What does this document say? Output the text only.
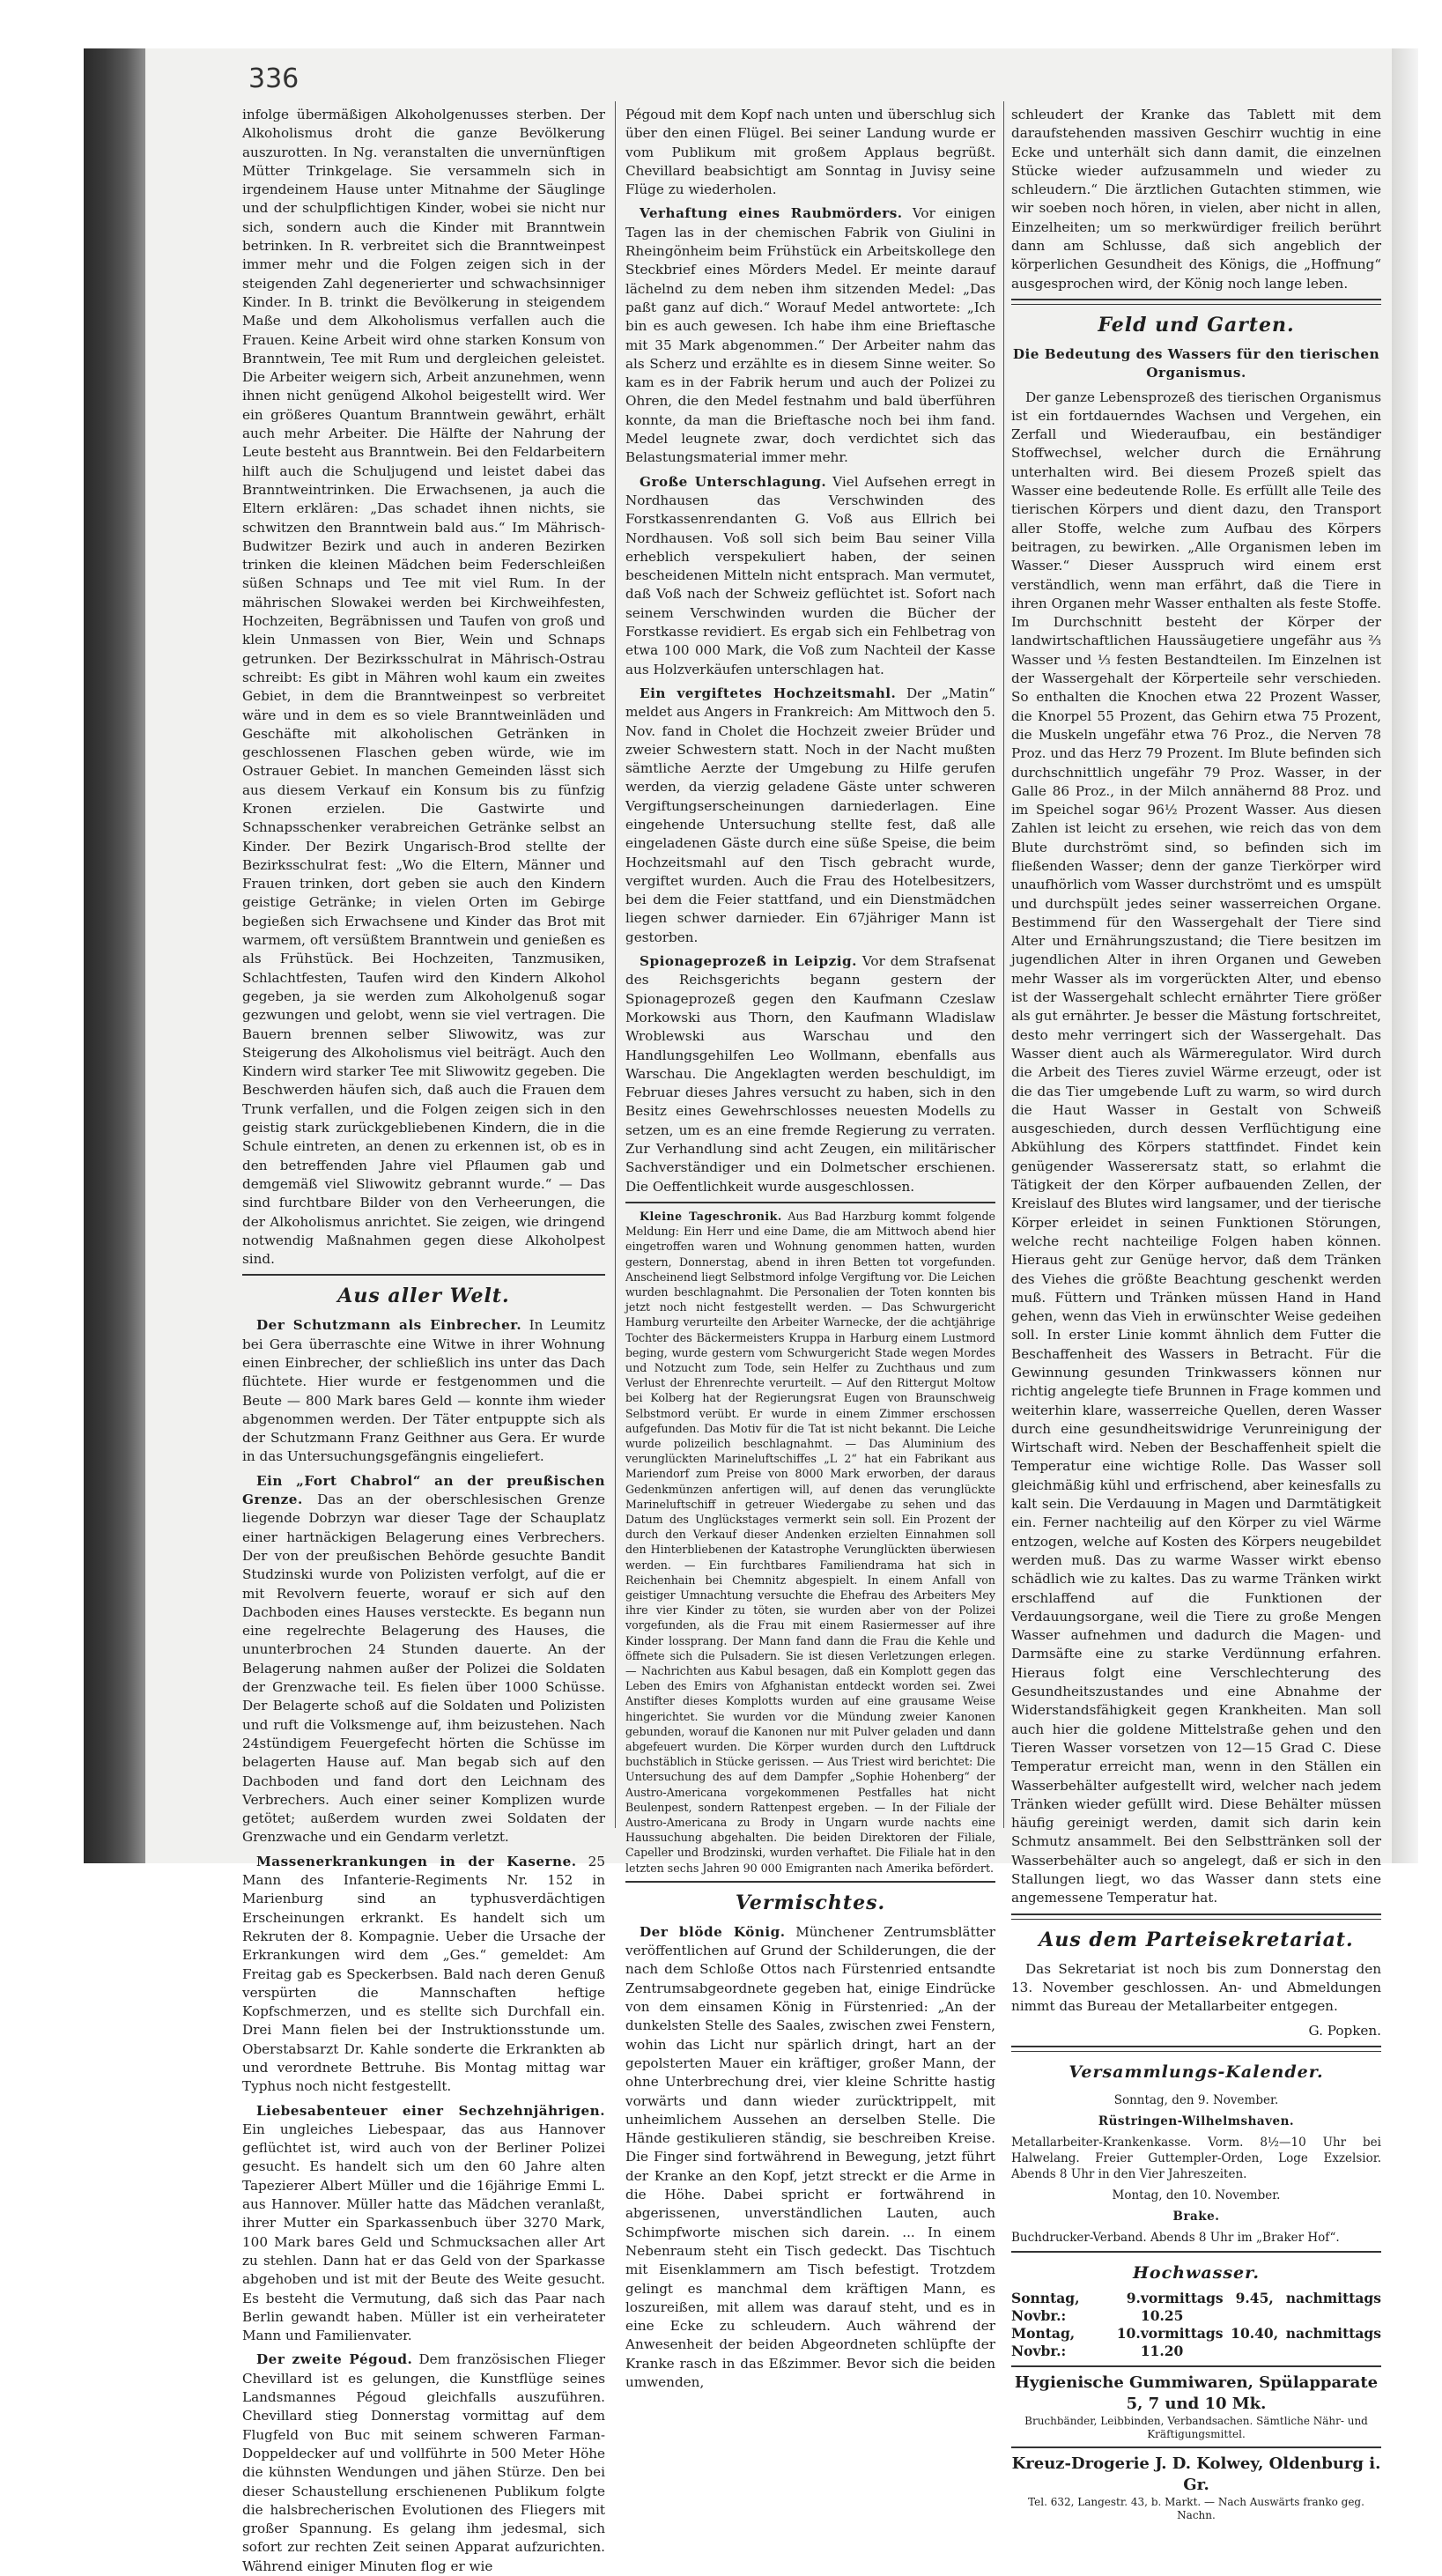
336

infolge übermäßigen Alkoholgenusses sterben. Der Alkoholismus droht die ganze Bevölkerung auszurotten. In Ng. veranstalten die unvernünftigen Mütter Trinkgelage. Sie versammeln sich in irgendeinem Hause unter Mitnahme der Säuglinge und der schulpflichtigen Kinder, wobei sie nicht nur sich, sondern auch die Kinder mit Branntwein betrinken. In R. verbreitet sich die Branntweinpest immer mehr und die Folgen zeigen sich in der steigenden Zahl degenerierter und schwachsinniger Kinder. In B. trinkt die Bevölkerung in steigendem Maße und dem Alkoholismus verfallen auch die Frauen. Keine Arbeit wird ohne starken Konsum von Branntwein, Tee mit Rum und dergleichen geleistet. Die Arbeiter weigern sich, Arbeit anzunehmen, wenn ihnen nicht genügend Alkohol beigestellt wird. Wer ein größeres Quantum Branntwein gewährt, erhält auch mehr Arbeiter. Die Hälfte der Nahrung der Leute besteht aus Branntwein. Bei den Feldarbeitern hilft auch die Schuljugend und leistet dabei das Branntweintrinken. Die Erwachsenen, ja auch die Eltern erklären: „Das schadet ihnen nichts, sie schwitzen den Branntwein bald aus.“ Im Mährisch-Budwitzer Bezirk und auch in anderen Bezirken trinken die kleinen Mädchen beim Federschleißen süßen Schnaps und Tee mit viel Rum. In der mährischen Slowakei werden bei Kirchweihfesten, Hochzeiten, Begräbnissen und Taufen von groß und klein Unmassen von Bier, Wein und Schnaps getrunken. Der Bezirksschulrat in Mährisch-Ostrau schreibt: Es gibt in Mähren wohl kaum ein zweites Gebiet, in dem die Branntweinpest so verbreitet wäre und in dem es so viele Branntweinläden und Geschäfte mit alkoholischen Getränken in geschlossenen Flaschen geben würde, wie im Ostrauer Gebiet. In manchen Gemeinden lässt sich aus diesem Verkauf ein Konsum bis zu fünfzig Kronen erzielen. Die Gastwirte und Schnapsschenker verabreichen Getränke selbst an Kinder. Der Bezirk Ungarisch-Brod stellte der Bezirksschulrat fest: „Wo die Eltern, Männer und Frauen trinken, dort geben sie auch den Kindern geistige Getränke; in vielen Orten im Gebirge begießen sich Erwachsene und Kinder das Brot mit warmem, oft versüßtem Branntwein und genießen es als Frühstück. Bei Hochzeiten, Tanzmusiken, Schlachtfesten, Taufen wird den Kindern Alkohol gegeben, ja sie werden zum Alkoholgenuß sogar gezwungen und gelobt, wenn sie viel vertragen. Die Bauern brennen selber Sliwowitz, was zur Steigerung des Alkoholismus viel beiträgt. Auch den Kindern wird starker Tee mit Sliwowitz gegeben. Die Beschwerden häufen sich, daß auch die Frauen dem Trunk verfallen, und die Folgen zeigen sich in den geistig stark zurückgebliebenen Kindern, die in die Schule eintreten, an denen zu erkennen ist, ob es in den betreffenden Jahre viel Pflaumen gab und demgemäß viel Sliwowitz gebrannt wurde.“ — Das sind furchtbare Bilder von den Verheerungen, die der Alkoholismus anrichtet. Sie zeigen, wie dringend notwendig Maßnahmen gegen diese Alkoholpest sind.

Aus aller Welt.

Der Schutzmann als Einbrecher. In Leumitz bei Gera überraschte eine Witwe in ihrer Wohnung einen Einbrecher, der schließlich ins unter das Dach flüchtete. Hier wurde er festgenommen und die Beute — 800 Mark bares Geld — konnte ihm wieder abgenommen werden. Der Täter entpuppte sich als der Schutzmann Franz Geithner aus Gera. Er wurde in das Untersuchungsgefängnis eingeliefert.

Ein „Fort Chabrol“ an der preußischen Grenze. Das an der oberschlesischen Grenze liegende Dobrzyn war dieser Tage der Schauplatz einer hartnäckigen Belagerung eines Verbrechers. Der von der preußischen Behörde gesuchte Bandit Studzinski wurde von Polizisten verfolgt, auf die er mit Revolvern feuerte, worauf er sich auf den Dachboden eines Hauses versteckte. Es begann nun eine regelrechte Belagerung des Hauses, die ununterbrochen 24 Stunden dauerte. An der Belagerung nahmen außer der Polizei die Soldaten der Grenzwache teil. Es fielen über 1000 Schüsse. Der Belagerte schoß auf die Soldaten und Polizisten und ruft die Volksmenge auf, ihm beizustehen. Nach 24stündigem Feuergefecht hörten die Schüsse im belagerten Hause auf. Man begab sich auf den Dachboden und fand dort den Leichnam des Verbrechers. Auch einer seiner Komplizen wurde getötet; außerdem wurden zwei Soldaten der Grenzwache und ein Gendarm verletzt.

Massenerkrankungen in der Kaserne. 25 Mann des Infanterie-Regiments Nr. 152 in Marienburg sind an typhusverdächtigen Erscheinungen erkrankt. Es handelt sich um Rekruten der 8. Kompagnie. Ueber die Ursache der Erkrankungen wird dem „Ges.“ gemeldet: Am Freitag gab es Speckerbsen. Bald nach deren Genuß verspürten die Mannschaften heftige Kopfschmerzen, und es stellte sich Durchfall ein. Drei Mann fielen bei der Instruktionsstunde um. Oberstabsarzt Dr. Kahle sonderte die Erkrankten ab und verordnete Bettruhe. Bis Montag mittag war Typhus noch nicht festgestellt.

Liebesabenteuer einer Sechzehnjährigen. Ein ungleiches Liebespaar, das aus Hannover geflüchtet ist, wird auch von der Berliner Polizei gesucht. Es handelt sich um den 60 Jahre alten Tapezierer Albert Müller und die 16jährige Emmi L. aus Hannover. Müller hatte das Mädchen veranlaßt, ihrer Mutter ein Sparkassenbuch über 3270 Mark, 100 Mark bares Geld und Schmucksachen aller Art zu stehlen. Dann hat er das Geld von der Sparkasse abgehoben und ist mit der Beute des Weite gesucht. Es besteht die Vermutung, daß sich das Paar nach Berlin gewandt haben. Müller ist ein verheirateter Mann und Familienvater.

Der zweite Pégoud. Dem französischen Flieger Chevillard ist es gelungen, die Kunstflüge seines Landsmannes Pégoud gleichfalls auszuführen. Chevillard stieg Donnerstag vormittag auf dem Flugfeld von Buc mit seinem schweren Farman-Doppeldecker auf und vollführte in 500 Meter Höhe die kühnsten Wendungen und jähen Stürze. Den bei dieser Schaustellung erschienenen Publikum folgte die halsbrecherischen Evolutionen des Fliegers mit großer Spannung. Es gelang ihm jedesmal, sich sofort zur rechten Zeit seinen Apparat aufzurichten. Während einiger Minuten flog er wie

Pégoud mit dem Kopf nach unten und überschlug sich über den einen Flügel. Bei seiner Landung wurde er vom Publikum mit großem Applaus begrüßt. Chevillard beabsichtigt am Sonntag in Juvisy seine Flüge zu wiederholen.

Verhaftung eines Raubmörders. Vor einigen Tagen las in der chemischen Fabrik von Giulini in Rheingönheim beim Frühstück ein Arbeitskollege den Steckbrief eines Mörders Medel. Er meinte darauf lächelnd zu dem neben ihm sitzenden Medel: „Das paßt ganz auf dich.“ Worauf Medel antwortete: „Ich bin es auch gewesen. Ich habe ihm eine Brieftasche mit 35 Mark abgenommen.“ Der Arbeiter nahm das als Scherz und erzählte es in diesem Sinne weiter. So kam es in der Fabrik herum und auch der Polizei zu Ohren, die den Medel festnahm und bald überführen konnte, da man die Brieftasche noch bei ihm fand. Medel leugnete zwar, doch verdichtet sich das Belastungsmaterial immer mehr.

Große Unterschlagung. Viel Aufsehen erregt in Nordhausen das Verschwinden des Forstkassenrendanten G. Voß aus Ellrich bei Nordhausen. Voß soll sich beim Bau seiner Villa erheblich verspekuliert haben, der seinen bescheidenen Mitteln nicht entsprach. Man vermutet, daß Voß nach der Schweiz geflüchtet ist. Sofort nach seinem Verschwinden wurden die Bücher der Forstkasse revidiert. Es ergab sich ein Fehlbetrag von etwa 100 000 Mark, die Voß zum Nachteil der Kasse aus Holzverkäufen unterschlagen hat.

Ein vergiftetes Hochzeitsmahl. Der „Matin“ meldet aus Angers in Frankreich: Am Mittwoch den 5. Nov. fand in Cholet die Hochzeit zweier Brüder und zweier Schwestern statt. Noch in der Nacht mußten sämtliche Aerzte der Umgebung zu Hilfe gerufen werden, da vierzig geladene Gäste unter schweren Vergiftungserscheinungen darniederlagen. Eine eingehende Untersuchung stellte fest, daß alle eingeladenen Gäste durch eine süße Speise, die beim Hochzeitsmahl auf den Tisch gebracht wurde, vergiftet wurden. Auch die Frau des Hotelbesitzers, bei dem die Feier stattfand, und ein Dienstmädchen liegen schwer darnieder. Ein 67jähriger Mann ist gestorben.

Spionageprozeß in Leipzig. Vor dem Strafsenat des Reichsgerichts begann gestern der Spionageprozeß gegen den Kaufmann Czeslaw Morkowski aus Thorn, den Kaufmann Wladislaw Wroblewski aus Warschau und den Handlungsgehilfen Leo Wollmann, ebenfalls aus Warschau. Die Angeklagten werden beschuldigt, im Februar dieses Jahres versucht zu haben, sich in den Besitz eines Gewehrschlosses neuesten Modells zu setzen, um es an eine fremde Regierung zu verraten. Zur Verhandlung sind acht Zeugen, ein militärischer Sachverständiger und ein Dolmetscher erschienen. Die Oeffentlichkeit wurde ausgeschlossen.

Kleine Tageschronik. Aus Bad Harzburg kommt folgende Meldung: Ein Herr und eine Dame, die am Mittwoch abend hier eingetroffen waren und Wohnung genommen hatten, wurden gestern, Donnerstag, abend in ihren Betten tot vorgefunden. Anscheinend liegt Selbstmord infolge Vergiftung vor. Die Leichen wurden beschlagnahmt. Die Personalien der Toten konnten bis jetzt noch nicht festgestellt werden. — Das Schwurgericht Hamburg verurteilte den Arbeiter Warnecke, der die achtjährige Tochter des Bäckermeisters Kruppa in Harburg einem Lustmord beging, wurde gestern vom Schwurgericht Stade wegen Mordes und Notzucht zum Tode, sein Helfer zu Zuchthaus und zum Verlust der Ehrenrechte verurteilt. — Auf den Rittergut Moltow bei Kolberg hat der Regierungsrat Eugen von Braunschweig Selbstmord verübt. Er wurde in einem Zimmer erschossen aufgefunden. Das Motiv für die Tat ist nicht bekannt. Die Leiche wurde polizeilich beschlagnahmt. — Das Aluminium des verunglückten Marineluftschiffes „L 2“ hat ein Fabrikant aus Mariendorf zum Preise von 8000 Mark erworben, der daraus Gedenkmünzen anfertigen will, auf denen das verunglückte Marineluftschiff in getreuer Wiedergabe zu sehen und das Datum des Unglückstages vermerkt sein soll. Ein Prozent der durch den Verkauf dieser Andenken erzielten Einnahmen soll den Hinterbliebenen der Katastrophe Verunglückten überwiesen werden. — Ein furchtbares Familiendrama hat sich in Reichenhain bei Chemnitz abgespielt. In einem Anfall von geistiger Umnachtung versuchte die Ehefrau des Arbeiters Mey ihre vier Kinder zu töten, sie wurden aber von der Polizei vorgefunden, als die Frau mit einem Rasiermesser auf ihre Kinder lossprang. Der Mann fand dann die Frau die Kehle und öffnete sich die Pulsadern. Sie ist diesen Verletzungen erlegen. — Nachrichten aus Kabul besagen, daß ein Komplott gegen das Leben des Emirs von Afghanistan entdeckt worden sei. Zwei Anstifter dieses Komplotts wurden auf eine grausame Weise hingerichtet. Sie wurden vor die Mündung zweier Kanonen gebunden, worauf die Kanonen nur mit Pulver geladen und dann abgefeuert wurden. Die Körper wurden durch den Luftdruck buchstäblich in Stücke gerissen. — Aus Triest wird berichtet: Die Untersuchung des auf dem Dampfer „Sophie Hohenberg“ der Austro-Americana vorgekommenen Pestfalles hat nicht Beulenpest, sondern Rattenpest ergeben. — In der Filiale der Austro-Americana zu Brody in Ungarn wurde nachts eine Haussuchung abgehalten. Die beiden Direktoren der Filiale, Capeller und Brodzinski, wurden verhaftet. Die Filiale hat in den letzten sechs Jahren 90 000 Emigranten nach Amerika befördert.

Vermischtes.

Der blöde König. Münchener Zentrumsblätter veröffentlichen auf Grund der Schilderungen, die der nach dem Schloße Ottos nach Fürstenried entsandte Zentrumsabgeordnete gegeben hat, einige Eindrücke von dem einsamen König in Fürstenried: „An der dunkelsten Stelle des Saales, zwischen zwei Fenstern, wohin das Licht nur spärlich dringt, hart an der gepolsterten Mauer ein kräftiger, großer Mann, der ohne Unterbrechung drei, vier kleine Schritte hastig vorwärts und dann wieder zurücktrippelt, mit unheimlichem Aussehen an derselben Stelle. Die Hände gestikulieren ständig, sie beschreiben Kreise. Die Finger sind fortwährend in Bewegung, jetzt führt der Kranke an den Kopf, jetzt streckt er die Arme in die Höhe. Dabei spricht er fortwährend in abgerissenen, unverständlichen Lauten, auch Schimpfworte mischen sich darein. ... In einem Nebenraum steht ein Tisch gedeckt. Das Tischtuch mit Eisenklammern am Tisch befestigt. Trotzdem gelingt es manchmal dem kräftigen Mann, es loszureißen, mit allem was darauf steht, und es in eine Ecke zu schleudern. Auch während der Anwesenheit der beiden Abgeordneten schlüpfte der Kranke rasch in das Eßzimmer. Bevor sich die beiden umwenden,

schleudert der Kranke das Tablett mit dem daraufstehenden massiven Geschirr wuchtig in eine Ecke und unterhält sich dann damit, die einzelnen Stücke wieder aufzusammeln und wieder zu schleudern.“ Die ärztlichen Gutachten stimmen, wie wir soeben noch hören, in vielen, aber nicht in allen, Einzelheiten; um so merkwürdiger freilich berührt dann am Schlusse, daß sich angeblich der körperlichen Gesundheit des Königs, die „Hoffnung“ ausgesprochen wird, der König noch lange leben.

Feld und Garten.

Die Bedeutung des Wassers für den tierischen Organismus.

Der ganze Lebensprozeß des tierischen Organismus ist ein fortdauerndes Wachsen und Vergehen, ein Zerfall und Wiederaufbau, ein beständiger Stoffwechsel, welcher durch die Ernährung unterhalten wird. Bei diesem Prozeß spielt das Wasser eine bedeutende Rolle. Es erfüllt alle Teile des tierischen Körpers und dient dazu, den Transport aller Stoffe, welche zum Aufbau des Körpers beitragen, zu bewirken. „Alle Organismen leben im Wasser.“ Dieser Ausspruch wird einem erst verständlich, wenn man erfährt, daß die Tiere in ihren Organen mehr Wasser enthalten als feste Stoffe. Im Durchschnitt besteht der Körper der landwirtschaftlichen Haussäugetiere ungefähr aus ⅔ Wasser und ⅓ festen Bestandteilen. Im Einzelnen ist der Wassergehalt der Körperteile sehr verschieden. So enthalten die Knochen etwa 22 Prozent Wasser, die Knorpel 55 Prozent, das Gehirn etwa 75 Prozent, die Muskeln ungefähr etwa 76 Proz., die Nerven 78 Proz. und das Herz 79 Prozent. Im Blute befinden sich durchschnittlich ungefähr 79 Proz. Wasser, in der Galle 86 Proz., in der Milch annähernd 88 Proz. und im Speichel sogar 96½ Prozent Wasser. Aus diesen Zahlen ist leicht zu ersehen, wie reich das von dem Blute durchströmt sind, so befinden sich im fließenden Wasser; denn der ganze Tierkörper wird unaufhörlich vom Wasser durchströmt und es umspült und durchspült jedes seiner wasserreichen Organe. Bestimmend für den Wassergehalt der Tiere sind Alter und Ernährungszustand; die Tiere besitzen im jugendlichen Alter in ihren Organen und Geweben mehr Wasser als im vorgerückten Alter, und ebenso ist der Wassergehalt schlecht ernährter Tiere größer als gut ernährter. Je besser die Mästung fortschreitet, desto mehr verringert sich der Wassergehalt. Das Wasser dient auch als Wärmeregulator. Wird durch die Arbeit des Tieres zuviel Wärme erzeugt, oder ist die das Tier umgebende Luft zu warm, so wird durch die Haut Wasser in Gestalt von Schweiß ausgeschieden, durch dessen Verflüchtigung eine Abkühlung des Körpers stattfindet. Findet kein genügender Wasserersatz statt, so erlahmt die Tätigkeit der den Körper aufbauenden Zellen, der Kreislauf des Blutes wird langsamer, und der tierische Körper erleidet in seinen Funktionen Störungen, welche recht nachteilige Folgen haben können. Hieraus geht zur Genüge hervor, daß dem Tränken des Viehes die größte Beachtung geschenkt werden muß. Füttern und Tränken müssen Hand in Hand gehen, wenn das Vieh in erwünschter Weise gedeihen soll. In erster Linie kommt ähnlich dem Futter die Beschaffenheit des Wassers in Betracht. Für die Gewinnung gesunden Trinkwassers können nur richtig angelegte tiefe Brunnen in Frage kommen und weiterhin klare, wasserreiche Quellen, deren Wasser durch eine gesundheitswidrige Verunreinigung der Wirtschaft wird. Neben der Beschaffenheit spielt die Temperatur eine wichtige Rolle. Das Wasser soll gleichmäßig kühl und erfrischend, aber keinesfalls zu kalt sein. Die Verdauung in Magen und Darmtätigkeit ein. Ferner nachteilig auf den Körper zu viel Wärme entzogen, welche auf Kosten des Körpers neugebildet werden muß. Das zu warme Wasser wirkt ebenso schädlich wie zu kaltes. Das zu warme Tränken wirkt erschlaffend auf die Funktionen der Verdauungsorgane, weil die Tiere zu große Mengen Wasser aufnehmen und dadurch die Magen- und Darmsäfte eine zu starke Verdünnung erfahren. Hieraus folgt eine Verschlechterung des Gesundheitszustandes und eine Abnahme der Widerstandsfähigkeit gegen Krankheiten. Man soll auch hier die goldene Mittelstraße gehen und den Tieren Wasser vorsetzen von 12—15 Grad C. Diese Temperatur erreicht man, wenn in den Ställen ein Wasserbehälter aufgestellt wird, welcher nach jedem Tränken wieder gefüllt wird. Diese Behälter müssen häufig gereinigt werden, damit sich darin kein Schmutz ansammelt. Bei den Selbsttränken soll der Wasserbehälter auch so angelegt, daß er sich in den Stallungen liegt, wo das Wasser dann stets eine angemessene Temperatur hat.

Aus dem Parteisekretariat.

Das Sekretariat ist noch bis zum Donnerstag den 13. November geschlossen. An- und Abmeldungen nimmt das Bureau der Metallarbeiter entgegen.

G. Popken.

Versammlungs-Kalender.

Sonntag, den 9. November.

Rüstringen-Wilhelmshaven.

Metallarbeiter-Krankenkasse. Vorm. 8½—10 Uhr bei Halwelang. Freier Guttempler-Orden, Loge Exzelsior. Abends 8 Uhr in den Vier Jahreszeiten.

Montag, den 10. November.

Brake.

Buchdrucker-Verband. Abends 8 Uhr im „Braker Hof“.

Hochwasser.
Sonntag, 9. Novbr.:
vormittags 9.45, nachmittags 10.25
Montag, 10. Novbr.:
vormittags 10.40, nachmittags 11.20
Hygienische Gummiwaren, Spülapparate 5, 7 und 10 Mk.
Bruchbänder, Leibbinden, Verbandsachen. Sämtliche Nähr- und Kräftigungsmittel.
Kreuz-Drogerie J. D. Kolwey, Oldenburg i. Gr.
Tel. 632, Langestr. 43, b. Markt. — Nach Auswärts franko geg. Nachn.
